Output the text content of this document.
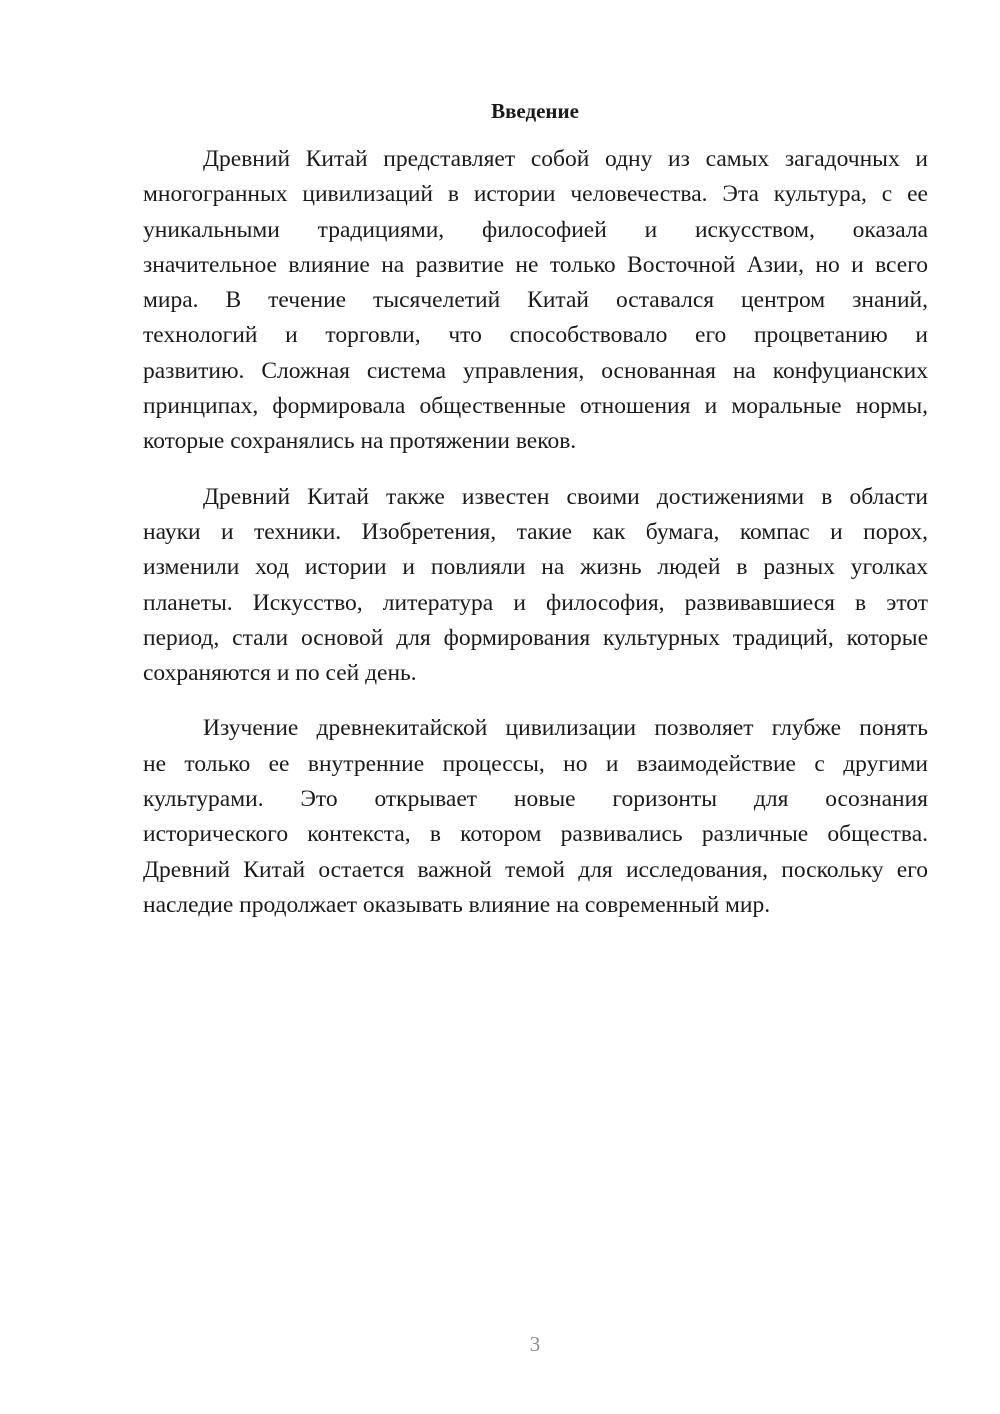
Введение
Древний Китай представляет собой одну из самых загадочных и
многогранных цивилизаций в истории человечества. Эта культура, с ее
уникальными традициями, философией и искусством, оказала
значительное влияние на развитие не только Восточной Азии, но и всего
мира. В течение тысячелетий Китай оставался центром знаний,
технологий и торговли, что способствовало его процветанию и
развитию. Сложная система управления, основанная на конфуцианских
принципах, формировала общественные отношения и моральные нормы,
которые сохранялись на протяжении веков.
Древний Китай также известен своими достижениями в области
науки и техники. Изобретения, такие как бумага, компас и порох,
изменили ход истории и повлияли на жизнь людей в разных уголках
планеты. Искусство, литература и философия, развивавшиеся в этот
период, стали основой для формирования культурных традиций, которые
сохраняются и по сей день.
Изучение древнекитайской цивилизации позволяет глубже понять
не только ее внутренние процессы, но и взаимодействие с другими
культурами. Это открывает новые горизонты для осознания
исторического контекста, в котором развивались различные общества.
Древний Китай остается важной темой для исследования, поскольку его
наследие продолжает оказывать влияние на современный мир.
3
